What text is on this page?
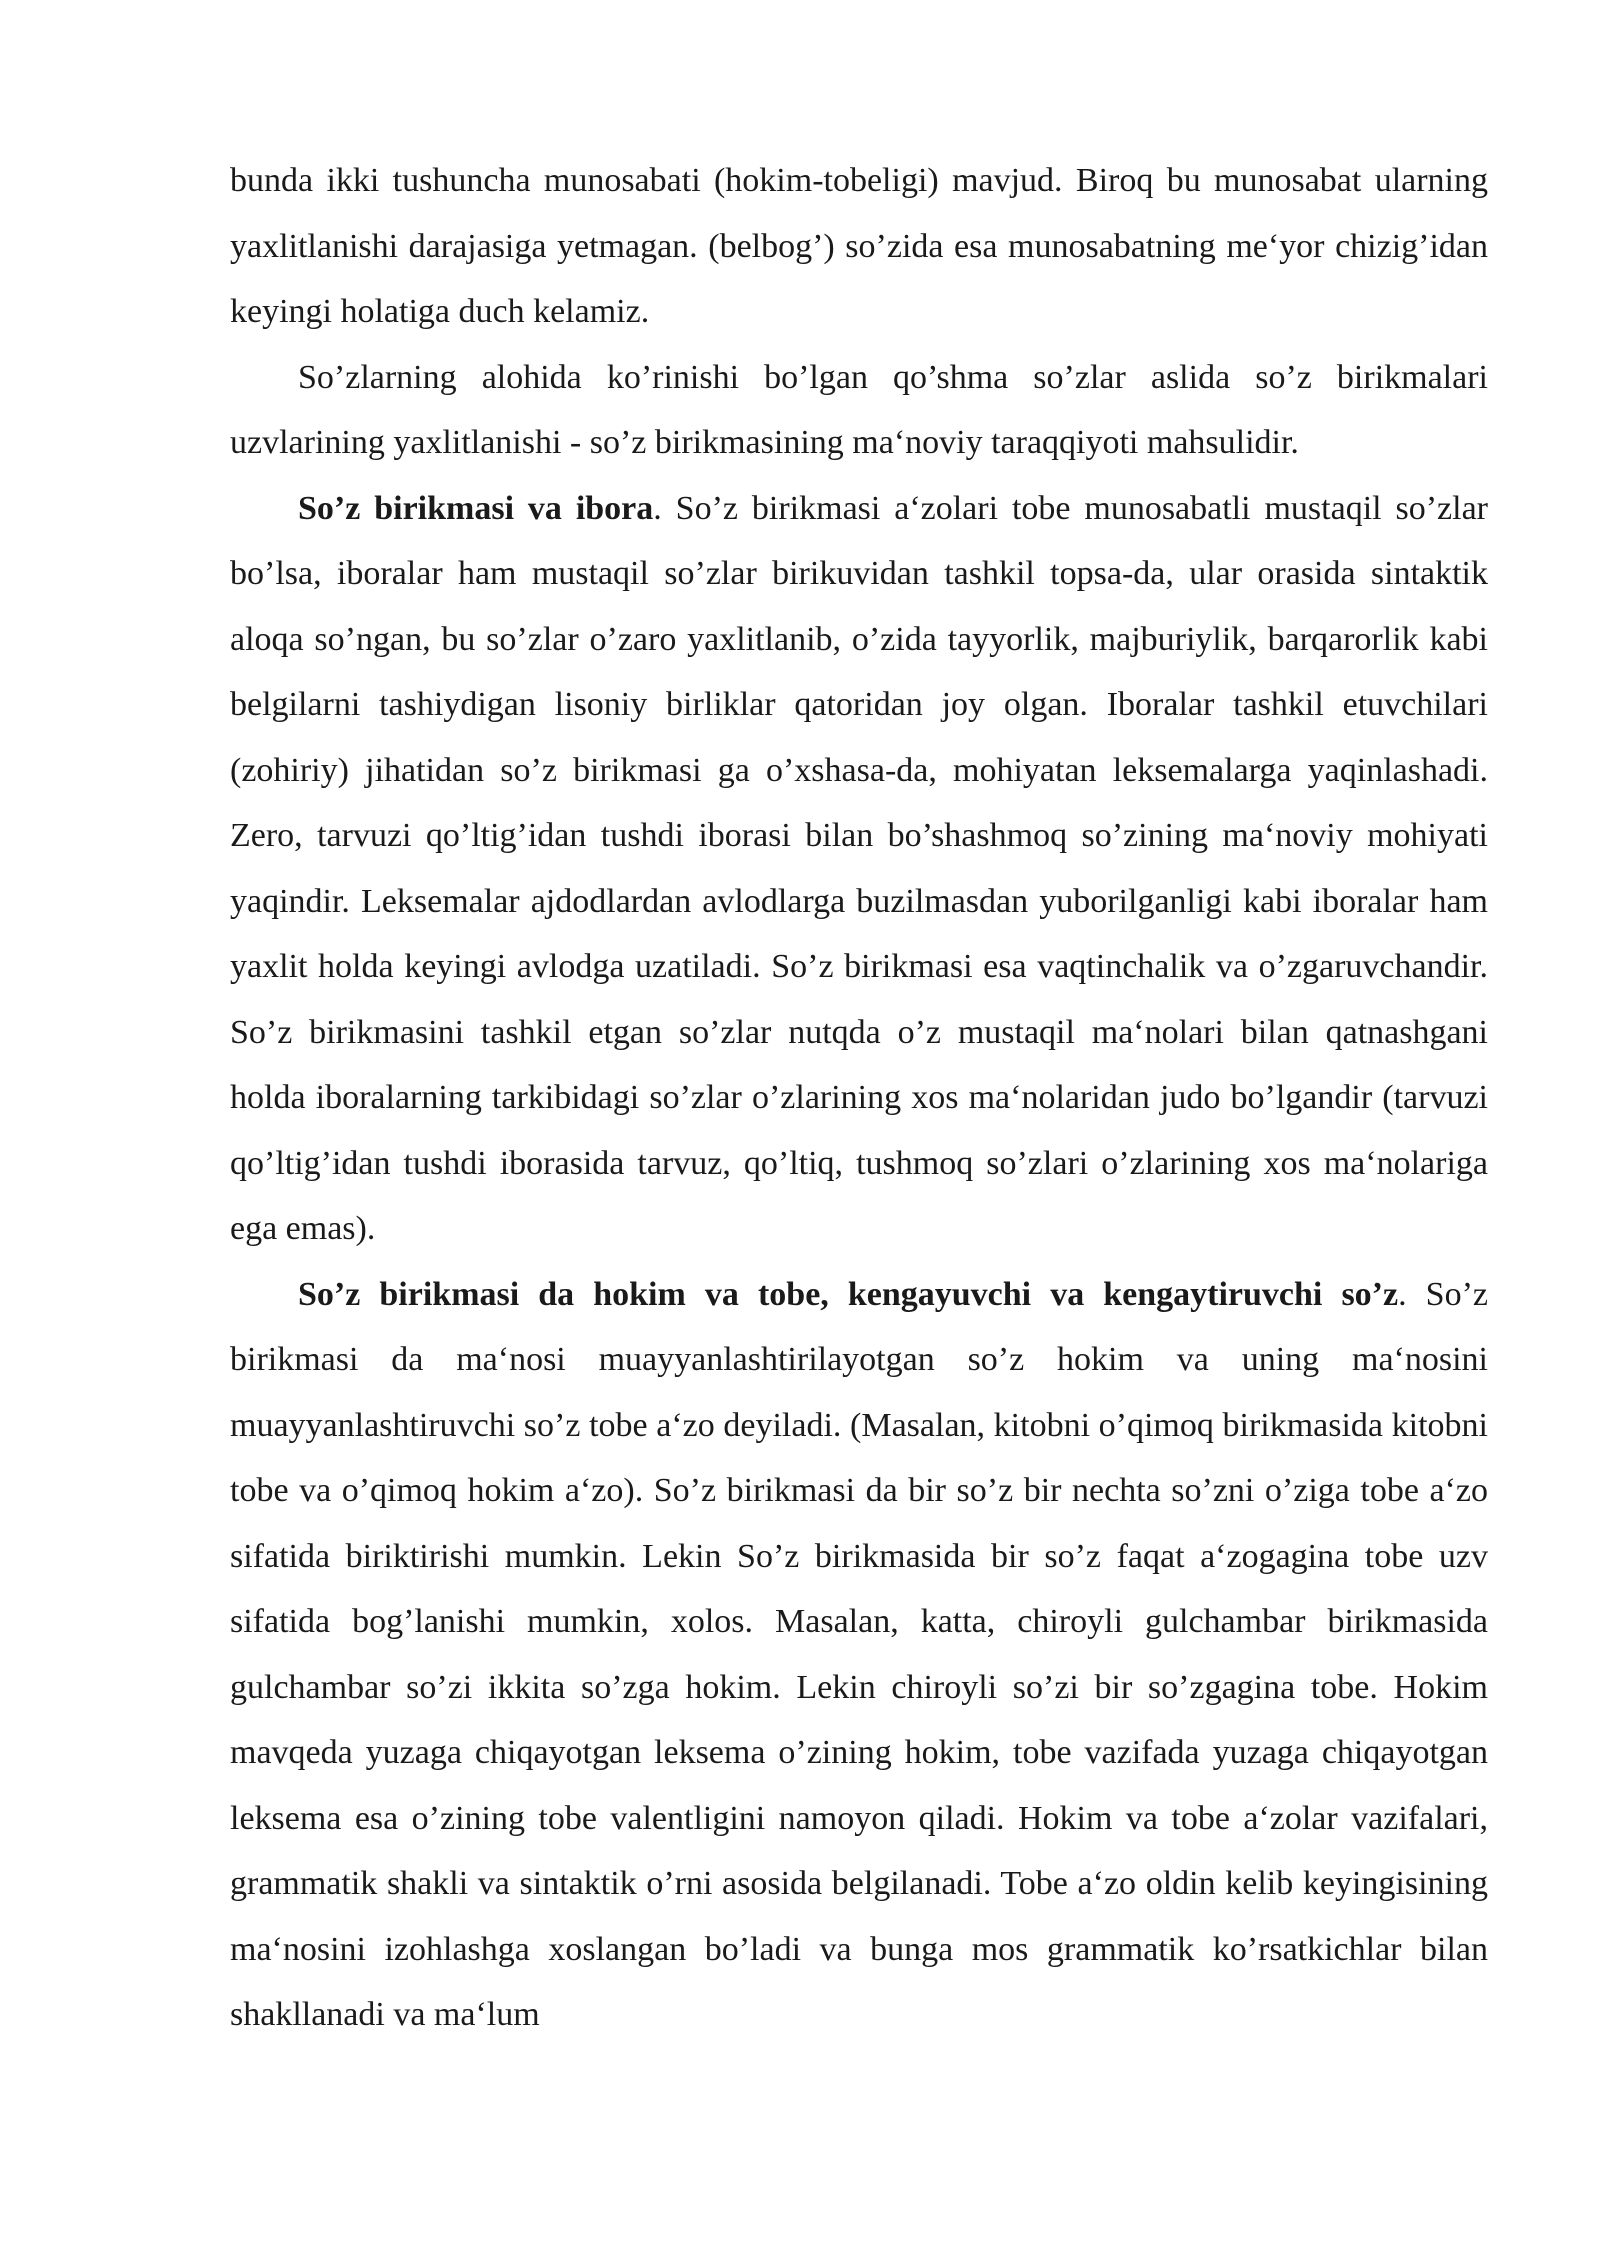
bunda ikki tushuncha munosabati (hokim-tobeligi) mavjud. Biroq bu munosabat ularning yaxlitlanishi darajasiga yetmagan. (belbog’) so’zida esa munosabatning me‘yor chizig’idan keyingi holatiga duch kelamiz.

So’zlarning alohida ko’rinishi bo’lgan qo’shma so’zlar aslida so’z birikmalari uzvlarining yaxlitlanishi - so’z birikmasining ma‘noviy taraqqiyoti mahsulidir.

So’z birikmasi va ibora. So’z birikmasi a‘zolari tobe munosabatli mustaqil so’zlar bo’lsa, iboralar ham mustaqil so’zlar birikuvidan tashkil topsa-da, ular orasida sintaktik aloqa so’ngan, bu so’zlar o’zaro yaxlitlanib, o’zida tayyorlik, majburiylik, barqarorlik kabi belgilarni tashiydigan lisoniy birliklar qatoridan joy olgan. Iboralar tashkil etuvchilari (zohiriy) jihatidan so’z birikmasi ga o’xshasa-da, mohiyatan leksemalarga yaqinlashadi. Zero, tarvuzi qo’ltig’idan tushdi iborasi bilan bo’shashmoq so’zining ma‘noviy mohiyati yaqindir. Leksemalar ajdodlardan avlodlarga buzilmasdan yuborilganligi kabi iboralar ham yaxlit holda keyingi avlodga uzatiladi. So’z birikmasi esa vaqtinchalik va o’zgaruvchandir. So’z birikmasini tashkil etgan so’zlar nutqda o’z mustaqil ma‘nolari bilan qatnashgani holda iboralarning tarkibidagi so’zlar o’zlarining xos ma‘nolaridan judo bo’lgandir (tarvuzi qo’ltig’idan tushdi iborasida tarvuz, qo’ltiq, tushmoq so’zlari o’zlarining xos ma‘nolariga ega emas).

So’z birikmasi da hokim va tobe, kengayuvchi va kengaytiruvchi so’z. So’z birikmasi da ma‘nosi muayyanlashtirilayotgan so’z hokim va uning ma‘nosini muayyanlashtiruvchi so’z tobe a‘zo deyiladi. (Masalan, kitobni o’qimoq birikmasida kitobni tobe va o’qimoq hokim a‘zo). So’z birikmasi da bir so’z bir nechta so’zni o’ziga tobe a‘zo sifatida biriktirishi mumkin. Lekin So’z birikmasida bir so’z faqat a‘zogagina tobe uzv sifatida bog’lanishi mumkin, xolos. Masalan, katta, chiroyli gulchambar birikmasida gulchambar so’zi ikkita so’zga hokim. Lekin chiroyli so’zi bir so’zgagina tobe. Hokim mavqeda yuzaga chiqayotgan leksema o’zining hokim, tobe vazifada yuzaga chiqayotgan leksema esa o’zining tobe valentligini namoyon qiladi. Hokim va tobe a‘zolar vazifalari, grammatik shakli va sintaktik o’rni asosida belgilanadi. Tobe a‘zo oldin kelib keyingisining ma‘nosini izohlashga xoslangan bo’ladi va bunga mos grammatik ko’rsatkichlar bilan shakllanadi va ma‘lum
